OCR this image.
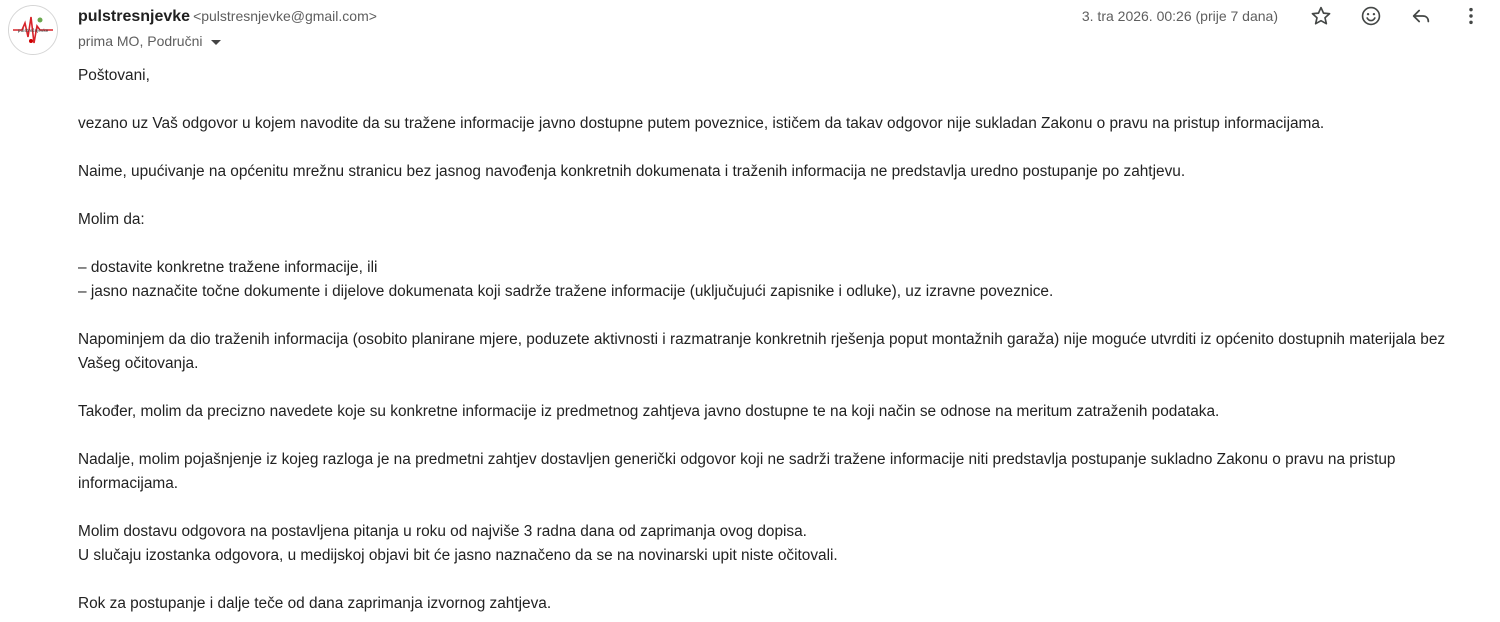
pulstrešnjevke
pulstresnjevke <pulstresnjevke@gmail.com>
prima MO, Područni
3. tra 2026. 00:26 (prije 7 dana)

Poštovani,

vezano uz Vaš odgovor u kojem navodite da su tražene informacije javno dostupne putem poveznice, ističem da takav odgovor nije sukladan Zakonu o pravu na pristup informacijama.

Naime, upućivanje na općenitu mrežnu stranicu bez jasnog navođenja konkretnih dokumenata i traženih informacija ne predstavlja uredno postupanje po zahtjevu.

Molim da:

– dostavite konkretne tražene informacije, ili

– jasno naznačite točne dokumente i dijelove dokumenata koji sadrže tražene informacije (uključujući zapisnike i odluke), uz izravne poveznice.

Napominjem da dio traženih informacija (osobito planirane mjere, poduzete aktivnosti i razmatranje konkretnih rješenja poput montažnih garaža) nije moguće utvrditi iz općenito dostupnih materijala bez Vašeg očitovanja.

Također, molim da precizno navedete koje su konkretne informacije iz predmetnog zahtjeva javno dostupne te na koji način se odnose na meritum zatraženih podataka.

Nadalje, molim pojašnjenje iz kojeg razloga je na predmetni zahtjev dostavljen generički odgovor koji ne sadrži tražene informacije niti predstavlja postupanje sukladno Zakonu o pravu na pristup informacijama.

Molim dostavu odgovora na postavljena pitanja u roku od najviše 3 radna dana od zaprimanja ovog dopisa.

U slučaju izostanka odgovora, u medijskoj objavi bit će jasno naznačeno da se na novinarski upit niste očitovali.

Rok za postupanje i dalje teče od dana zaprimanja izvornog zahtjeva.
